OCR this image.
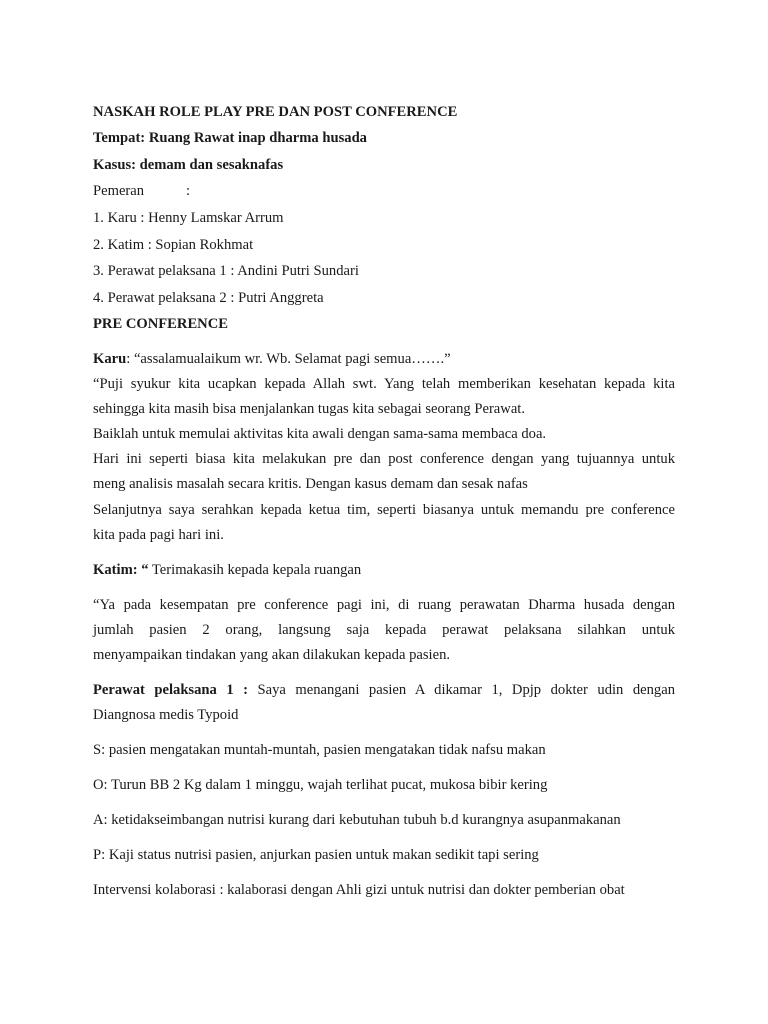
NASKAH ROLE PLAY PRE DAN POST CONFERENCE
Tempat: Ruang Rawat inap dharma husada
Kasus: demam dan sesaknafas
Pemeran	:
1. Karu : Henny Lamskar Arrum
2. Katim : Sopian Rokhmat
3. Perawat pelaksana 1 : Andini Putri Sundari
4. Perawat pelaksana 2 : Putri Anggreta
PRE CONFERENCE
Karu: “assalamualaikum wr. Wb. Selamat pagi semua…….”
“Puji syukur kita ucapkan kepada Allah swt. Yang telah memberikan kesehatan kepada kita
sehingga kita masih bisa menjalankan tugas kita sebagai seorang Perawat.
Baiklah untuk memulai aktivitas kita awali dengan sama-sama membaca doa.
Hari ini seperti biasa kita melakukan pre dan post conference dengan yang tujuannya untuk
meng analisis masalah secara kritis. Dengan kasus demam dan sesak nafas
Selanjutnya saya serahkan kepada ketua tim, seperti biasanya untuk memandu pre conference
kita pada pagi hari ini.
Katim: “ Terimakasih kepada kepala ruangan
“Ya pada kesempatan pre conference pagi ini, di ruang perawatan Dharma husada dengan
jumlah pasien 2 orang, langsung saja kepada perawat pelaksana silahkan untuk
menyampaikan tindakan yang akan dilakukan kepada pasien.
Perawat pelaksana 1 : Saya menangani pasien A dikamar 1, Dpjp dokter udin dengan
Diangnosa medis Typoid
S: pasien mengatakan muntah-muntah, pasien mengatakan tidak nafsu makan
O: Turun BB 2 Kg dalam 1 minggu, wajah terlihat pucat, mukosa bibir kering
A: ketidakseimbangan nutrisi kurang dari kebutuhan tubuh b.d kurangnya asupanmakanan
P: Kaji status nutrisi pasien, anjurkan pasien untuk makan sedikit tapi sering
Intervensi kolaborasi : kalaborasi dengan Ahli gizi untuk nutrisi dan dokter pemberian obat
